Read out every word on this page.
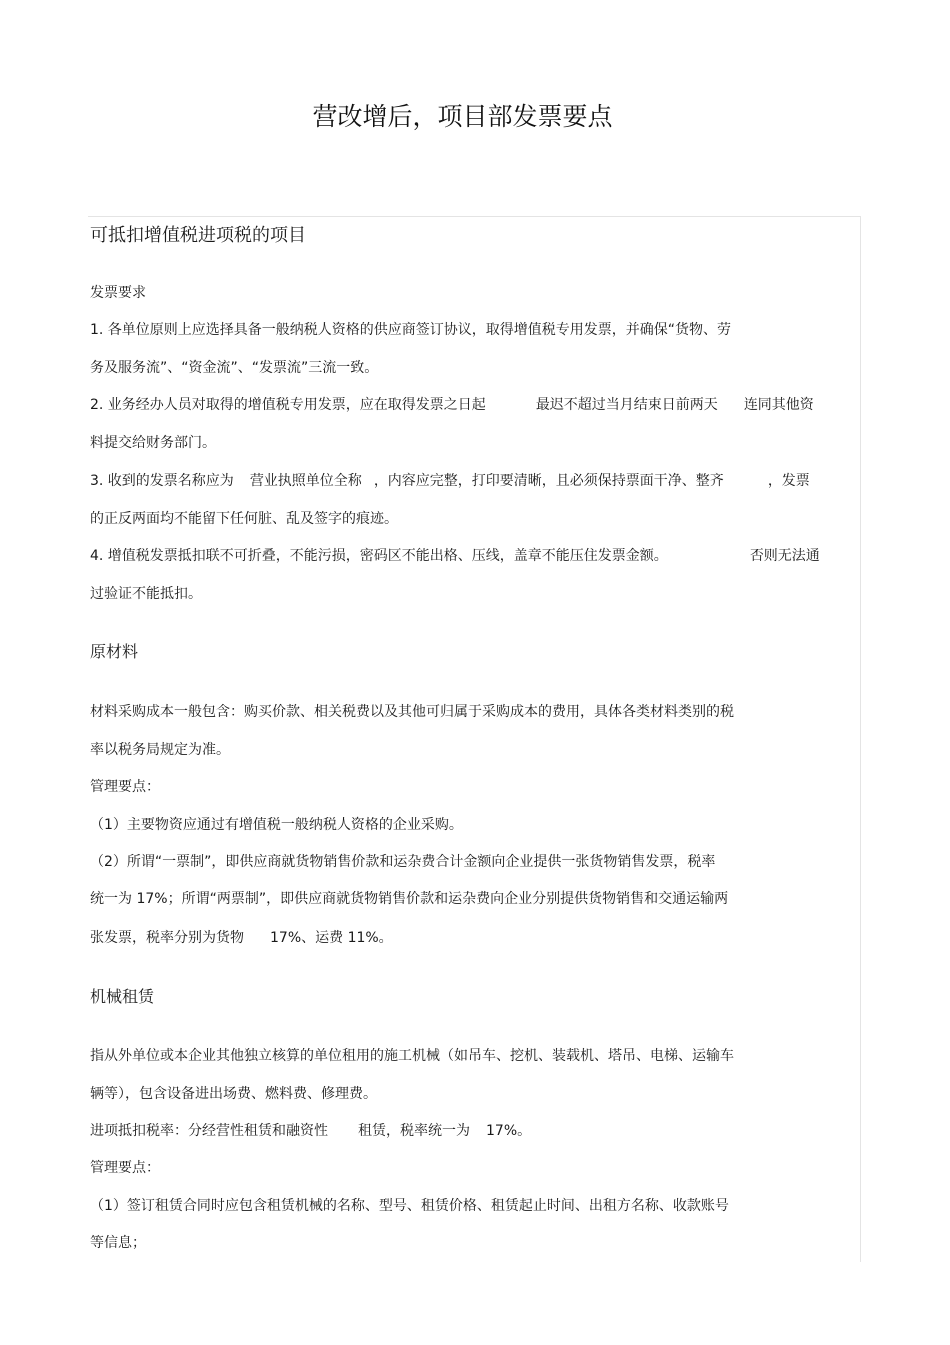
营改增后，项目部发票要点
可抵扣增值税进项税的项目
发票要求
1. 各单位原则上应选择具备一般纳税人资格的供应商签订协议，取得增值税专用发票，并确保“货物、劳
务及服务流”、“资金流”、“发票流”三流一致。
2. 业务经办人员对取得的增值税专用发票，应在取得发票之日起	最迟不超过当月结束日前两天 连同其他资
料提交给财务部门。
3. 收到的发票名称应为 营业执照单位全称 ，内容应完整，打印要清晰，且必须保持票面干净、整齐	，发票
的正反两面均不能留下任何脏、乱及签字的痕迹。
4. 增值税发票抵扣联不可折叠，不能污损，密码区不能出格、压线，盖章不能压住发票金额。	否则无法通
过验证不能抵扣。
原材料
材料采购成本一般包含：购买价款、相关税费以及其他可归属于采购成本的费用，具体各类材料类别的税
率以税务局规定为准。
管理要点：
（1）主要物资应通过有增值税一般纳税人资格的企业采购。
（2）所谓“一票制”，即供应商就货物销售价款和运杂费合计金额向企业提供一张货物销售发票，税率
统一为 17%；所谓“两票制”，即供应商就货物销售价款和运杂费向企业分别提供货物销售和交通运输两
张发票，税率分别为货物 17%、运费 11%。
机械租赁
指从外单位或本企业其他独立核算的单位租用的施工机械（如吊车、挖机、装载机、塔吊、电梯、运输车
辆等），包含设备进出场费、燃料费、修理费。
进项抵扣税率：分经营性租赁和融资性 租赁，税率统一为 17%。
管理要点：
（1）签订租赁合同时应包含租赁机械的名称、型号、租赁价格、租赁起止时间、出租方名称、收款账号
等信息；
